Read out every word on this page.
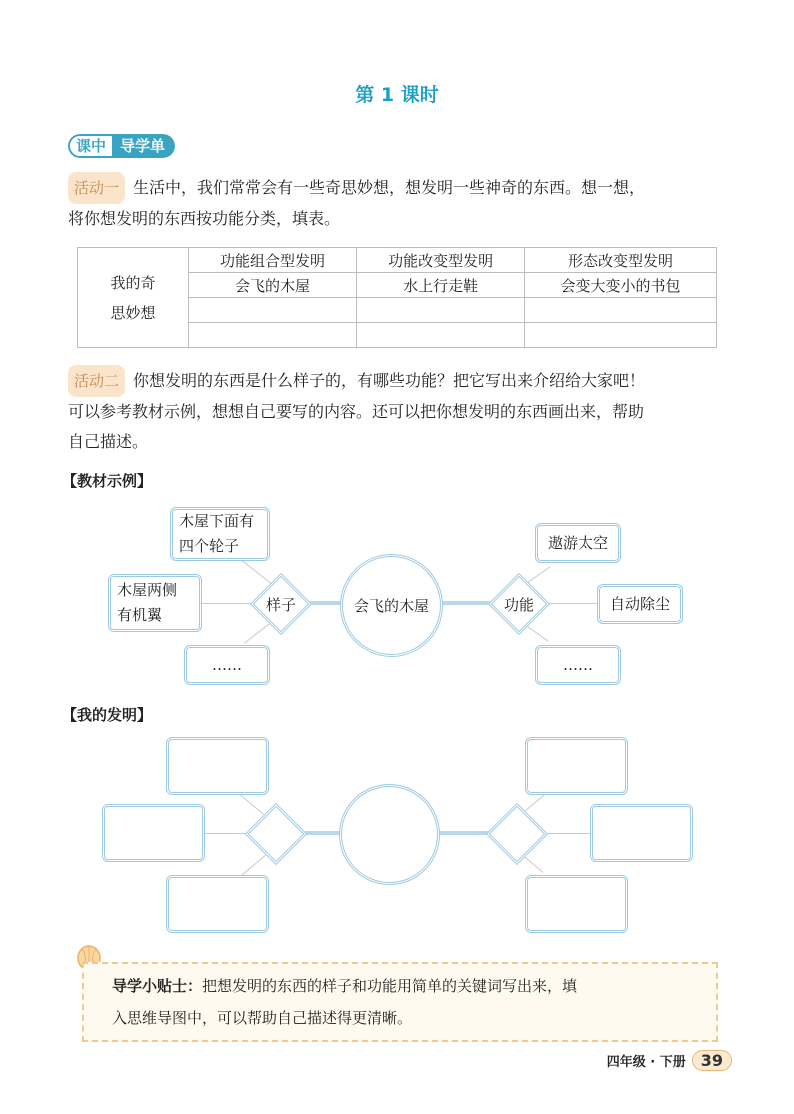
第 1 课时
课中 导学单
活动一 生活中，我们常常会有一些奇思妙想，想发明一些神奇的东西。想一想，
将你想发明的东西按功能分类，填表。
我的奇
思妙想	功能组合型发明	功能改变型发明	形态改变型发明
	会飞的木屋	水上行走鞋	会变大变小的书包

活动二 你想发明的东西是什么样子的，有哪些功能？把它写出来介绍给大家吧！
可以参考教材示例，想想自己要写的内容。还可以把你想发明的东西画出来，帮助
自己描述。
【教材示例】
木屋下面有
四个轮子
木屋两侧
有机翼
……
样子	会飞的木屋	功能
遨游太空
自动除尘
……
【我的发明】
导学小贴士：把想发明的东西的样子和功能用简单的关键词写出来，填
入思维导图中，可以帮助自己描述得更清晰。
四年级 · 下册 39
